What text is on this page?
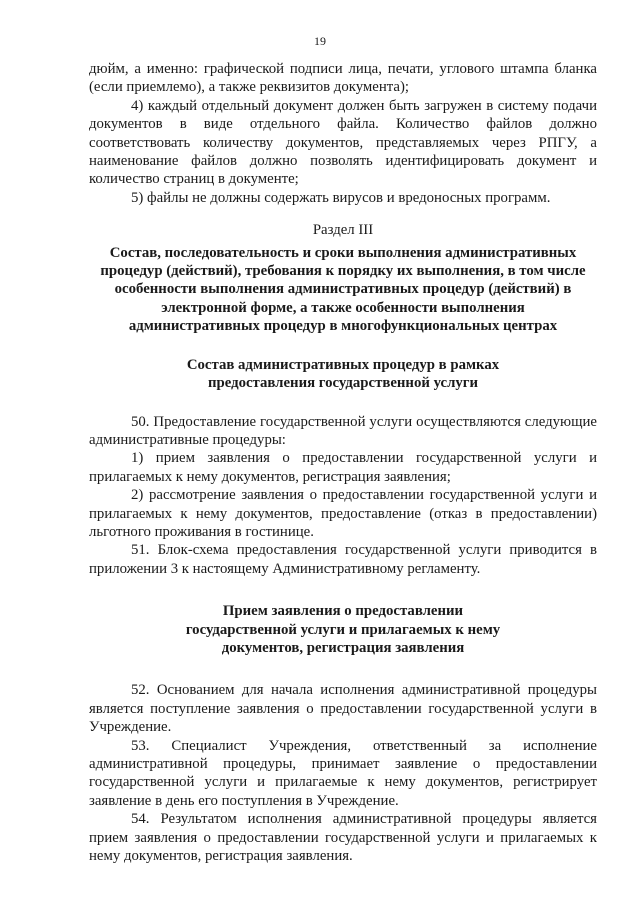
19

дюйм, а именно: графической подписи лица, печати, углового штампа бланка (если приемлемо), а также реквизитов документа);

4) каждый отдельный документ должен быть загружен в систему подачи документов в виде отдельного файла. Количество файлов должно соответствовать количеству документов, представляемых через РПГУ, а наименование файлов должно позволять идентифицировать документ и количество страниц в документе;

5) файлы не должны содержать вирусов и вредоносных программ.

Раздел III

Состав, последовательность и сроки выполнения административных процедур (действий), требования к порядку их выполнения, в том числе особенности выполнения административных процедур (действий) в электронной форме, а также особенности выполнения административных процедур в многофункциональных центрах

Состав административных процедур в рамках предоставления государственной услуги

50. Предоставление государственной услуги осуществляются следующие административные процедуры:

1) прием заявления о предоставлении государственной услуги и прилагаемых к нему документов, регистрация заявления;

2) рассмотрение заявления о предоставлении государственной услуги и прилагаемых к нему документов, предоставление (отказ в предоставлении) льготного проживания в гостинице.

51. Блок-схема предоставления государственной услуги приводится в приложении 3 к настоящему Административному регламенту.

Прием заявления о предоставлении государственной услуги и прилагаемых к нему документов, регистрация заявления

52. Основанием для начала исполнения административной процедуры является поступление заявления о предоставлении государственной услуги в Учреждение.

53. Специалист Учреждения, ответственный за исполнение административной процедуры, принимает заявление о предоставлении государственной услуги и прилагаемые к нему документов, регистрирует заявление в день его поступления в Учреждение.

54. Результатом исполнения административной процедуры является прием заявления о предоставлении государственной услуги и прилагаемых к нему документов, регистрация заявления.
